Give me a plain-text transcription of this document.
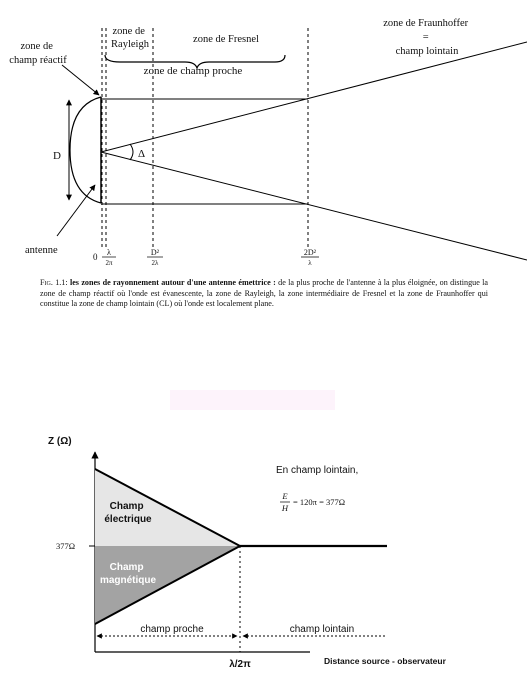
zone de champ réactif
zone de Rayleigh	zone de Fresnel
zone de Fraunhoffer = champ lointain
zone de champ proche
D	Δ
antenne
0 λ
2π
D²
2λ
2D²
λ
Z (Ω)
377Ω
Champ électrique
Champ magnétique
En champ lointain,
E
H
= 120π = 377Ω
champ proche	champ lointain
λ/2π	Distance source - observateur

Fig. 1.1: les zones de rayonnement autour d'une antenne émettrice : de la plus proche de l'antenne à la plus éloignée, on distingue la zone de champ réactif où l'onde est évanescente, la zone de Rayleigh, la zone intermédiaire de Fresnel et la zone de Fraunhoffer qui constitue la zone de champ lointain (CL) où l'onde est localement plane.
